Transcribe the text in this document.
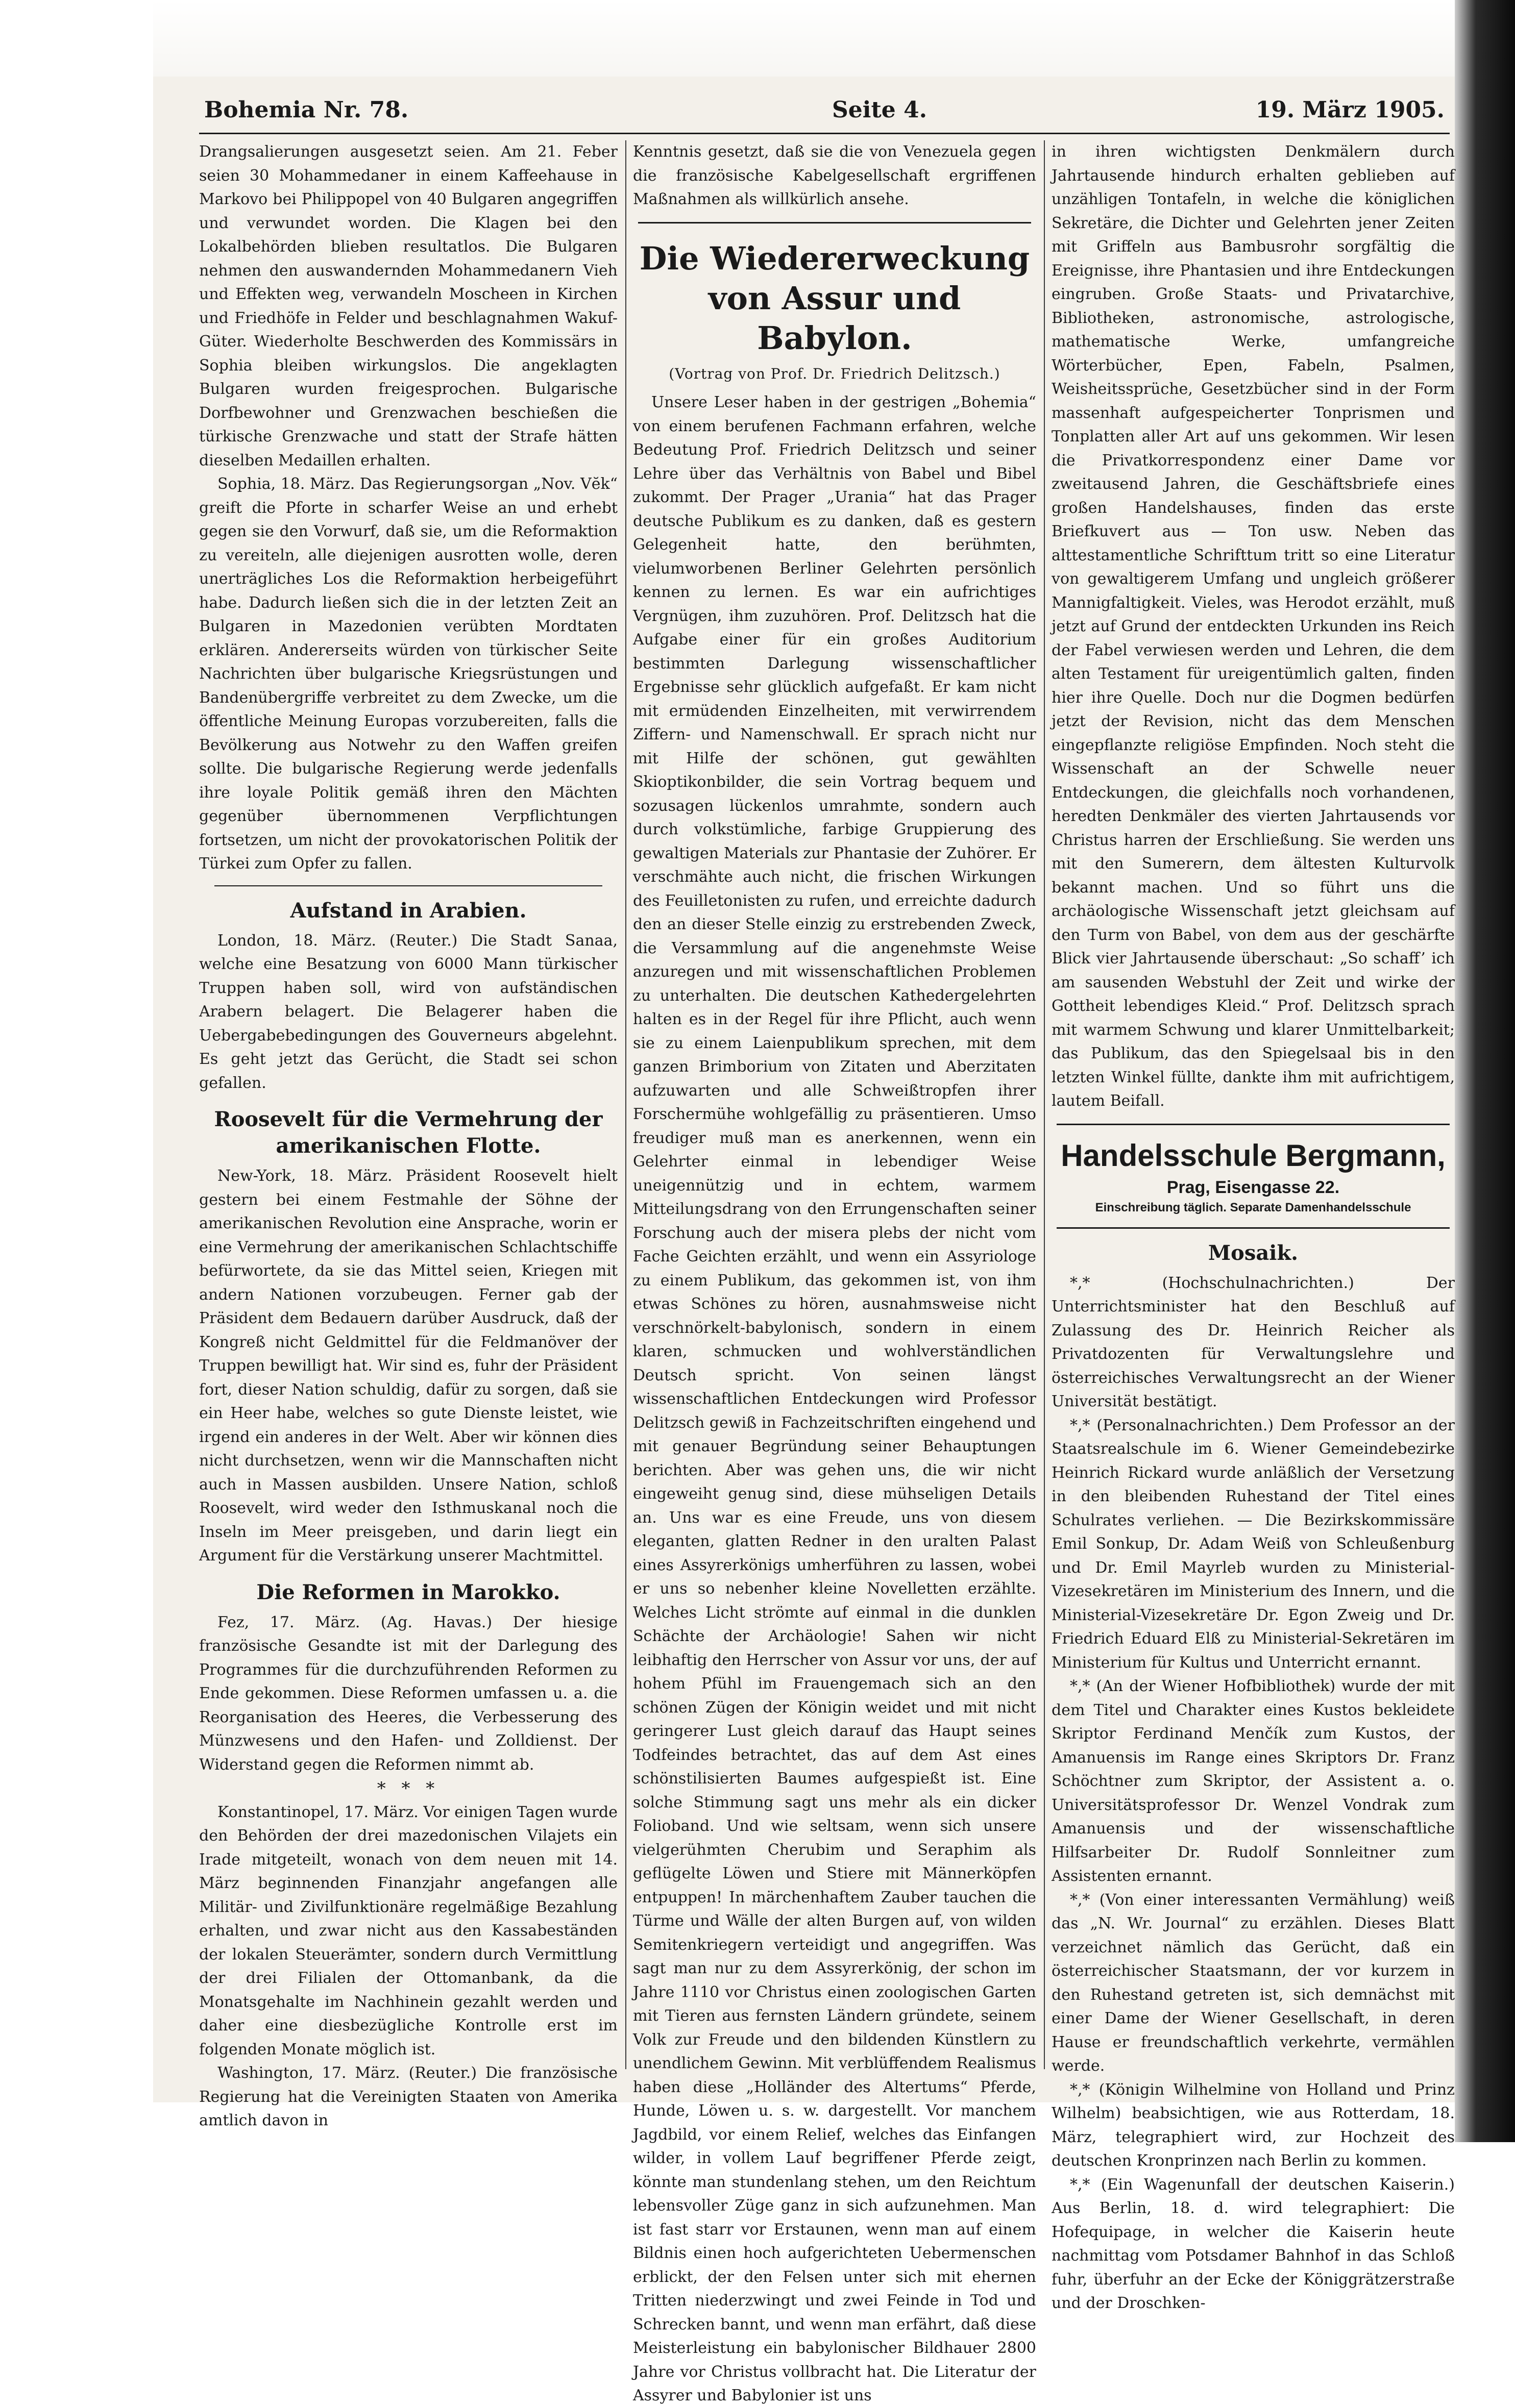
Bohemia Nr. 78.	Seite 4.	19. März 1905.

Drangsalierungen ausgesetzt seien. Am 21. Feber seien 30 Mohammedaner in einem Kaffeehause in Markovo bei Philippopel von 40 Bulgaren angegriffen und verwundet worden. Die Klagen bei den Lokalbehörden blieben resultatlos. Die Bulgaren nehmen den auswandernden Mohammedanern Vieh und Effekten weg, verwandeln Moscheen in Kirchen und Friedhöfe in Felder und beschlagnahmen Wakuf-Güter. Wiederholte Beschwerden des Kommissärs in Sophia bleiben wirkungslos. Die angeklagten Bulgaren wurden freigesprochen. Bulgarische Dorfbewohner und Grenzwachen beschießen die türkische Grenzwache und statt der Strafe hätten dieselben Medaillen erhalten.

Sophia, 18. März. Das Regierungsorgan „Nov. Vĕk“ greift die Pforte in scharfer Weise an und erhebt gegen sie den Vorwurf, daß sie, um die Reformaktion zu vereiteln, alle diejenigen ausrotten wolle, deren unerträgliches Los die Reformaktion herbeigeführt habe. Dadurch ließen sich die in der letzten Zeit an Bulgaren in Mazedonien verübten Mordtaten erklären. Andererseits würden von türkischer Seite Nachrichten über bulgarische Kriegsrüstungen und Bandenübergriffe verbreitet zu dem Zwecke, um die öffentliche Meinung Europas vorzubereiten, falls die Bevölkerung aus Notwehr zu den Waffen greifen sollte. Die bulgarische Regierung werde jedenfalls ihre loyale Politik gemäß ihren den Mächten gegenüber übernommenen Verpflichtungen fortsetzen, um nicht der provokatorischen Politik der Türkei zum Opfer zu fallen.

Aufstand in Arabien.

London, 18. März. (Reuter.) Die Stadt Sanaa, welche eine Besatzung von 6000 Mann türkischer Truppen haben soll, wird von aufständischen Arabern belagert. Die Belagerer haben die Uebergabebedingungen des Gouverneurs abgelehnt. Es geht jetzt das Gerücht, die Stadt sei schon gefallen.

Roosevelt für die Vermehrung der amerikanischen Flotte.

New-York, 18. März. Präsident Roosevelt hielt gestern bei einem Festmahle der Söhne der amerikanischen Revolution eine Ansprache, worin er eine Vermehrung der amerikanischen Schlachtschiffe befürwortete, da sie das Mittel seien, Kriegen mit andern Nationen vorzubeugen. Ferner gab der Präsident dem Bedauern darüber Ausdruck, daß der Kongreß nicht Geldmittel für die Feldmanöver der Truppen bewilligt hat. Wir sind es, fuhr der Präsident fort, dieser Nation schuldig, dafür zu sorgen, daß sie ein Heer habe, welches so gute Dienste leistet, wie irgend ein anderes in der Welt. Aber wir können dies nicht durchsetzen, wenn wir die Mannschaften nicht auch in Massen ausbilden. Unsere Nation, schloß Roosevelt, wird weder den Isthmuskanal noch die Inseln im Meer preisgeben, und darin liegt ein Argument für die Verstärkung unserer Machtmittel.

Die Reformen in Marokko.

Fez, 17. März. (Ag. Havas.) Der hiesige französische Gesandte ist mit der Darlegung des Programmes für die durchzuführenden Reformen zu Ende gekommen. Diese Reformen umfassen u. a. die Reorganisation des Heeres, die Verbesserung des Münzwesens und den Hafen- und Zolldienst. Der Widerstand gegen die Reformen nimmt ab.

* * *

Konstantinopel, 17. März. Vor einigen Tagen wurde den Behörden der drei mazedonischen Vilajets ein Irade mitgeteilt, wonach von dem neuen mit 14. März beginnenden Finanzjahr angefangen alle Militär- und Zivilfunktionäre regelmäßige Bezahlung erhalten, und zwar nicht aus den Kassabeständen der lokalen Steuerämter, sondern durch Vermittlung der drei Filialen der Ottomanbank, da die Monatsgehalte im Nachhinein gezahlt werden und daher eine diesbezügliche Kontrolle erst im folgenden Monate möglich ist.

Washington, 17. März. (Reuter.) Die französische Regierung hat die Vereinigten Staaten von Amerika amtlich davon in

Kenntnis gesetzt, daß sie die von Venezuela gegen die französische Kabelgesellschaft ergriffenen Maßnahmen als willkürlich ansehe.

Die Wiedererweckung von Assur und Babylon.
(Vortrag von Prof. Dr. Friedrich Delitzsch.)

Unsere Leser haben in der gestrigen „Bohemia“ von einem berufenen Fachmann erfahren, welche Bedeutung Prof. Friedrich Delitzsch und seiner Lehre über das Verhältnis von Babel und Bibel zukommt. Der Prager „Urania“ hat das Prager deutsche Publikum es zu danken, daß es gestern Gelegenheit hatte, den berühmten, vielumworbenen Berliner Gelehrten persönlich kennen zu lernen. Es war ein aufrichtiges Vergnügen, ihm zuzuhören. Prof. Delitzsch hat die Aufgabe einer für ein großes Auditorium bestimmten Darlegung wissenschaftlicher Ergebnisse sehr glücklich aufgefaßt. Er kam nicht mit ermüdenden Einzelheiten, mit verwirrendem Ziffern- und Namenschwall. Er sprach nicht nur mit Hilfe der schönen, gut gewählten Skioptikonbilder, die sein Vortrag bequem und sozusagen lückenlos umrahmte, sondern auch durch volkstümliche, farbige Gruppierung des gewaltigen Materials zur Phantasie der Zuhörer. Er verschmähte auch nicht, die frischen Wirkungen des Feuilletonisten zu rufen, und erreichte dadurch den an dieser Stelle einzig zu erstrebenden Zweck, die Versammlung auf die angenehmste Weise anzuregen und mit wissenschaftlichen Problemen zu unterhalten. Die deutschen Kathedergelehrten halten es in der Regel für ihre Pflicht, auch wenn sie zu einem Laienpublikum sprechen, mit dem ganzen Brimborium von Zitaten und Aberzitaten aufzuwarten und alle Schweißtropfen ihrer Forschermühe wohlgefällig zu präsentieren. Umso freudiger muß man es anerkennen, wenn ein Gelehrter einmal in lebendiger Weise uneigennützig und in echtem, warmem Mitteilungsdrang von den Errungenschaften seiner Forschung auch der misera plebs der nicht vom Fache Geichten erzählt, und wenn ein Assyriologe zu einem Publikum, das gekommen ist, von ihm etwas Schönes zu hören, ausnahmsweise nicht verschnörkelt-babylonisch, sondern in einem klaren, schmucken und wohlverständlichen Deutsch spricht. Von seinen längst wissenschaftlichen Entdeckungen wird Professor Delitzsch gewiß in Fachzeitschriften eingehend und mit genauer Begründung seiner Behauptungen berichten. Aber was gehen uns, die wir nicht eingeweiht genug sind, diese mühseligen Details an. Uns war es eine Freude, uns von diesem eleganten, glatten Redner in den uralten Palast eines Assyrerkönigs umherführen zu lassen, wobei er uns so nebenher kleine Novelletten erzählte. Welches Licht strömte auf einmal in die dunklen Schächte der Archäologie! Sahen wir nicht leibhaftig den Herrscher von Assur vor uns, der auf hohem Pfühl im Frauengemach sich an den schönen Zügen der Königin weidet und mit nicht geringerer Lust gleich darauf das Haupt seines Todfeindes betrachtet, das auf dem Ast eines schönstilisierten Baumes aufgespießt ist. Eine solche Stimmung sagt uns mehr als ein dicker Folioband. Und wie seltsam, wenn sich unsere vielgerühmten Cherubim und Seraphim als geflügelte Löwen und Stiere mit Männerköpfen entpuppen! In märchenhaftem Zauber tauchen die Türme und Wälle der alten Burgen auf, von wilden Semitenkriegern verteidigt und angegriffen. Was sagt man nur zu dem Assyrerkönig, der schon im Jahre 1110 vor Christus einen zoologischen Garten mit Tieren aus fernsten Ländern gründete, seinem Volk zur Freude und den bildenden Künstlern zu unendlichem Gewinn. Mit verblüffendem Realismus haben diese „Holländer des Altertums“ Pferde, Hunde, Löwen u. s. w. dargestellt. Vor manchem Jagdbild, vor einem Relief, welches das Einfangen wilder, in vollem Lauf begriffener Pferde zeigt, könnte man stundenlang stehen, um den Reichtum lebensvoller Züge ganz in sich aufzunehmen. Man ist fast starr vor Erstaunen, wenn man auf einem Bildnis einen hoch aufgerichteten Uebermenschen erblickt, der den Felsen unter sich mit ehernen Tritten niederzwingt und zwei Feinde in Tod und Schrecken bannt, und wenn man erfährt, daß diese Meisterleistung ein babylonischer Bildhauer 2800 Jahre vor Christus vollbracht hat. Die Literatur der Assyrer und Babylonier ist uns

in ihren wichtigsten Denkmälern durch Jahrtausende hindurch erhalten geblieben auf unzähligen Tontafeln, in welche die königlichen Sekretäre, die Dichter und Gelehrten jener Zeiten mit Griffeln aus Bambusrohr sorgfältig die Ereignisse, ihre Phantasien und ihre Entdeckungen eingruben. Große Staats- und Privatarchive, Bibliotheken, astronomische, astrologische, mathematische Werke, umfangreiche Wörterbücher, Epen, Fabeln, Psalmen, Weisheitssprüche, Gesetzbücher sind in der Form massenhaft aufgespeicherter Tonprismen und Tonplatten aller Art auf uns gekommen. Wir lesen die Privatkorrespondenz einer Dame vor zweitausend Jahren, die Geschäftsbriefe eines großen Handelshauses, finden das erste Briefkuvert aus — Ton usw. Neben das alttestamentliche Schrifttum tritt so eine Literatur von gewaltigerem Umfang und ungleich größerer Mannigfaltigkeit. Vieles, was Herodot erzählt, muß jetzt auf Grund der entdeckten Urkunden ins Reich der Fabel verwiesen werden und Lehren, die dem alten Testament für ureigentümlich galten, finden hier ihre Quelle. Doch nur die Dogmen bedürfen jetzt der Revision, nicht das dem Menschen eingepflanzte religiöse Empfinden. Noch steht die Wissenschaft an der Schwelle neuer Entdeckungen, die gleichfalls noch vorhandenen, heredten Denkmäler des vierten Jahrtausends vor Christus harren der Erschließung. Sie werden uns mit den Sumerern, dem ältesten Kulturvolk bekannt machen. Und so führt uns die archäologische Wissenschaft jetzt gleichsam auf den Turm von Babel, von dem aus der geschärfte Blick vier Jahrtausende überschaut: „So schaff’ ich am sausenden Webstuhl der Zeit und wirke der Gottheit lebendiges Kleid.“ Prof. Delitzsch sprach mit warmem Schwung und klarer Unmittelbarkeit; das Publikum, das den Spiegelsaal bis in den letzten Winkel füllte, dankte ihm mit aufrichtigem, lautem Beifall.

Handelsschule Bergmann,
Prag, Eisengasse 22.
Einschreibung täglich. Separate Damenhandelsschule
Mosaik.

*,* (Hochschulnachrichten.) Der Unterrichtsminister hat den Beschluß auf Zulassung des Dr. Heinrich Reicher als Privatdozenten für Verwaltungslehre und österreichisches Verwaltungsrecht an der Wiener Universität bestätigt.

*,* (Personalnachrichten.) Dem Professor an der Staatsrealschule im 6. Wiener Gemeindebezirke Heinrich Rickard wurde anläßlich der Versetzung in den bleibenden Ruhestand der Titel eines Schulrates verliehen. — Die Bezirkskommissäre Emil Sonkup, Dr. Adam Weiß von Schleußenburg und Dr. Emil Mayrleb wurden zu Ministerial-Vizesekretären im Ministerium des Innern, und die Ministerial-Vizesekretäre Dr. Egon Zweig und Dr. Friedrich Eduard Elß zu Ministerial-Sekretären im Ministerium für Kultus und Unterricht ernannt.

*,* (An der Wiener Hofbibliothek) wurde der mit dem Titel und Charakter eines Kustos bekleidete Skriptor Ferdinand Menčík zum Kustos, der Amanuensis im Range eines Skriptors Dr. Franz Schöchtner zum Skriptor, der Assistent a. o. Universitätsprofessor Dr. Wenzel Vondrak zum Amanuensis und der wissenschaftliche Hilfsarbeiter Dr. Rudolf Sonnleitner zum Assistenten ernannt.

*,* (Von einer interessanten Vermählung) weiß das „N. Wr. Journal“ zu erzählen. Dieses Blatt verzeichnet nämlich das Gerücht, daß ein österreichischer Staatsmann, der vor kurzem in den Ruhestand getreten ist, sich demnächst mit einer Dame der Wiener Gesellschaft, in deren Hause er freundschaftlich verkehrte, vermählen werde.

*,* (Königin Wilhelmine von Holland und Prinz Wilhelm) beabsichtigen, wie aus Rotterdam, 18. März, telegraphiert wird, zur Hochzeit des deutschen Kronprinzen nach Berlin zu kommen.

*,* (Ein Wagenunfall der deutschen Kaiserin.) Aus Berlin, 18. d. wird telegraphiert: Die Hofequipage, in welcher die Kaiserin heute nachmittag vom Potsdamer Bahnhof in das Schloß fuhr, überfuhr an der Ecke der Königgrätzerstraße und der Droschken-
